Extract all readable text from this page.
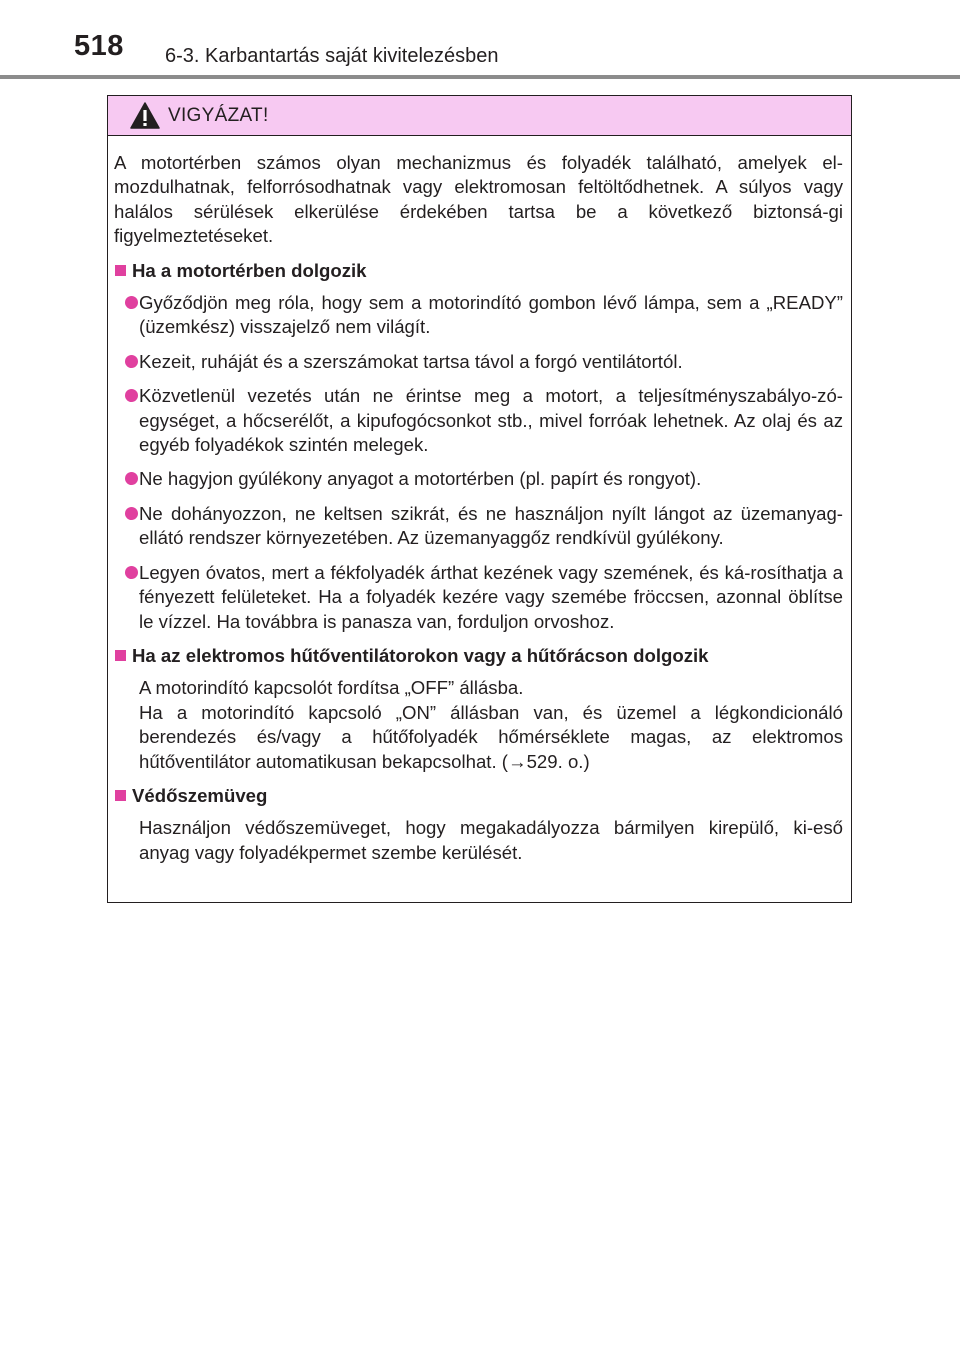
518 6-3. Karbantartás saját kivitelezésben
VIGYÁZAT!

A motortérben számos olyan mechanizmus és folyadék található, amelyek el-mozdulhatnak, felforrósodhatnak vagy elektromosan feltöltődhetnek. A súlyos vagy halálos sérülések elkerülése érdekében tartsa be a következő biztonsá-gi figyelmeztetéseket.

Ha a motortérben dolgozik
Győződjön meg róla, hogy sem a motorindító gombon lévő lámpa, sem a „READY” (üzemkész) visszajelző nem világít.
Kezeit, ruháját és a szerszámokat tartsa távol a forgó ventilátortól.
Közvetlenül vezetés után ne érintse meg a motort, a teljesítményszabályo-zó-egységet, a hőcserélőt, a kipufogócsonkot stb., mivel forróak lehetnek. Az olaj és az egyéb folyadékok szintén melegek.
Ne hagyjon gyúlékony anyagot a motortérben (pl. papírt és rongyot).
Ne dohányozzon, ne keltsen szikrát, és ne használjon nyílt lángot az üzemanyag-ellátó rendszer környezetében. Az üzemanyaggőz rendkívül gyúlékony.
Legyen óvatos, mert a fékfolyadék árthat kezének vagy szemének, és ká-rosíthatja a fényezett felületeket. Ha a folyadék kezére vagy szemébe fröccsen, azonnal öblítse le vízzel. Ha továbbra is panasza van, forduljon orvoshoz.
Ha az elektromos hűtőventilátorokon vagy a hűtőrácson dolgozik
A motorindító kapcsolót fordítsa „OFF” állásba.
Ha a motorindító kapcsoló „ON” állásban van, és üzemel a légkondicionáló berendezés és/vagy a hűtőfolyadék hőmérséklete magas, az elektromos hűtőventilátor automatikusan bekapcsolhat. (→529. o.)
Védőszemüveg
Használjon védőszemüveget, hogy megakadályozza bármilyen kirepülő, ki-eső anyag vagy folyadékpermet szembe kerülését.
